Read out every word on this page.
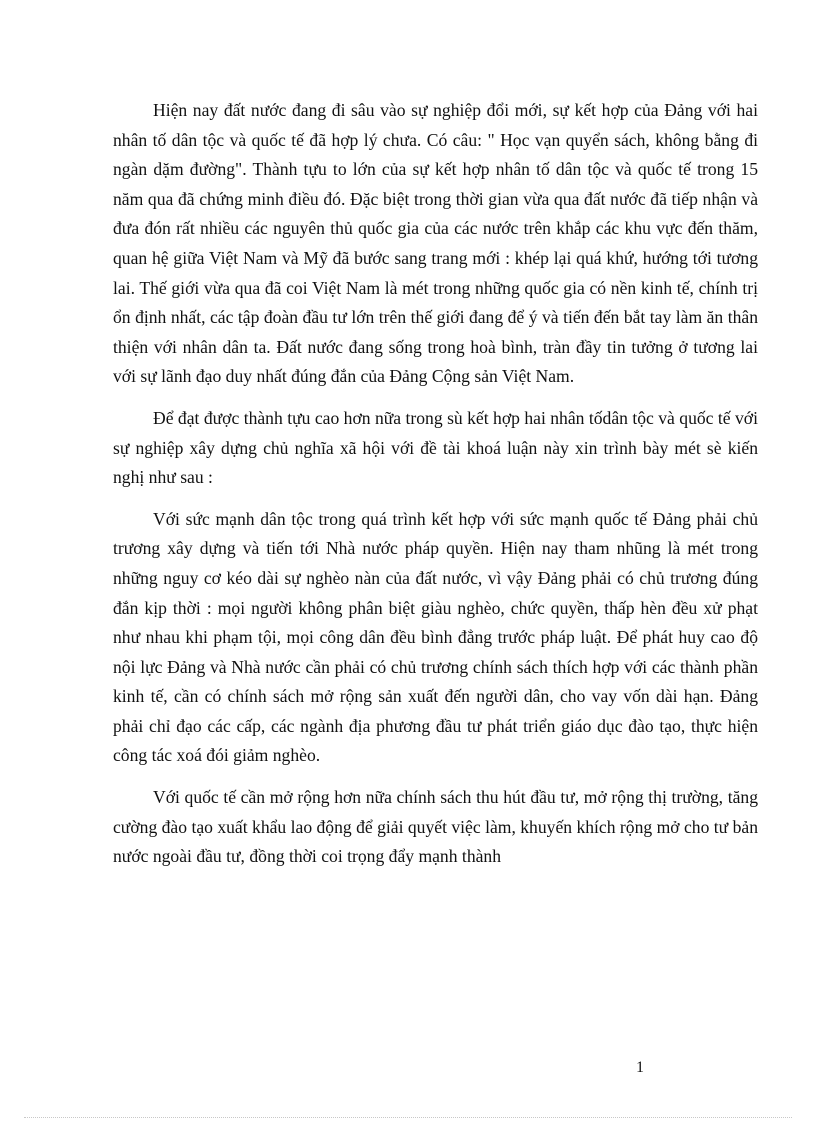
Hiện nay đất nước đang đi sâu vào sự nghiệp đổi mới, sự kết hợp của Đảng với hai nhân tố dân tộc và quốc tế đã hợp lý chưa. Có câu: " Học vạn quyển sách, không bằng đi ngàn dặm đường". Thành tựu to lớn của sự kết hợp nhân tố dân tộc và quốc tế trong 15 năm qua đã chứng minh điều đó. Đặc biệt trong thời gian vừa qua đất nước đã tiếp nhận và đưa đón rất nhiều các nguyên thủ quốc gia của các nước trên khắp các khu vực đến thăm, quan hệ giữa Việt Nam và Mỹ đã bước sang trang mới : khép lại quá khứ, hướng tới tương lai. Thế giới vừa qua đã coi Việt Nam là mét trong những quốc gia có nền kinh tế, chính trị ổn định nhất, các tập đoàn đầu tư lớn trên thế giới đang để ý và tiến đến bắt tay làm ăn thân thiện với nhân dân ta. Đất nước đang sống trong hoà bình, tràn đầy tin tưởng ở tương lai với sự lãnh đạo duy nhất đúng đắn của Đảng Cộng sản Việt Nam.

Để đạt được thành tựu cao hơn nữa trong sù kết hợp hai nhân tốdân tộc và quốc tế với sự nghiệp xây dựng chủ nghĩa xã hội với đề tài khoá luận này xin trình bày mét sè kiến nghị như sau :

Với sức mạnh dân tộc trong quá trình kết hợp với sức mạnh quốc tế Đảng phải chủ trương xây dựng và tiến tới Nhà nước pháp quyền. Hiện nay tham nhũng là mét trong những nguy cơ kéo dài sự nghèo nàn của đất nước, vì vậy Đảng phải có chủ trương đúng đắn kịp thời : mọi người không phân biệt giàu nghèo, chức quyền, thấp hèn đều xử phạt như nhau khi phạm tội, mọi công dân đều bình đẳng trước pháp luật. Để phát huy cao độ nội lực Đảng và Nhà nước cần phải có chủ trương chính sách thích hợp với các thành phần kinh tế, cần có chính sách mở rộng sản xuất đến người dân, cho vay vốn dài hạn. Đảng phải chỉ đạo các cấp, các ngành địa phương đầu tư phát triển giáo dục đào tạo, thực hiện công tác xoá đói giảm nghèo.

Với quốc tế cần mở rộng hơn nữa chính sách thu hút đầu tư, mở rộng thị trường, tăng cường đào tạo xuất khẩu lao động để giải quyết việc làm, khuyến khích rộng mở cho tư bản nước ngoài đầu tư, đồng thời coi trọng đẩy mạnh thành

1
